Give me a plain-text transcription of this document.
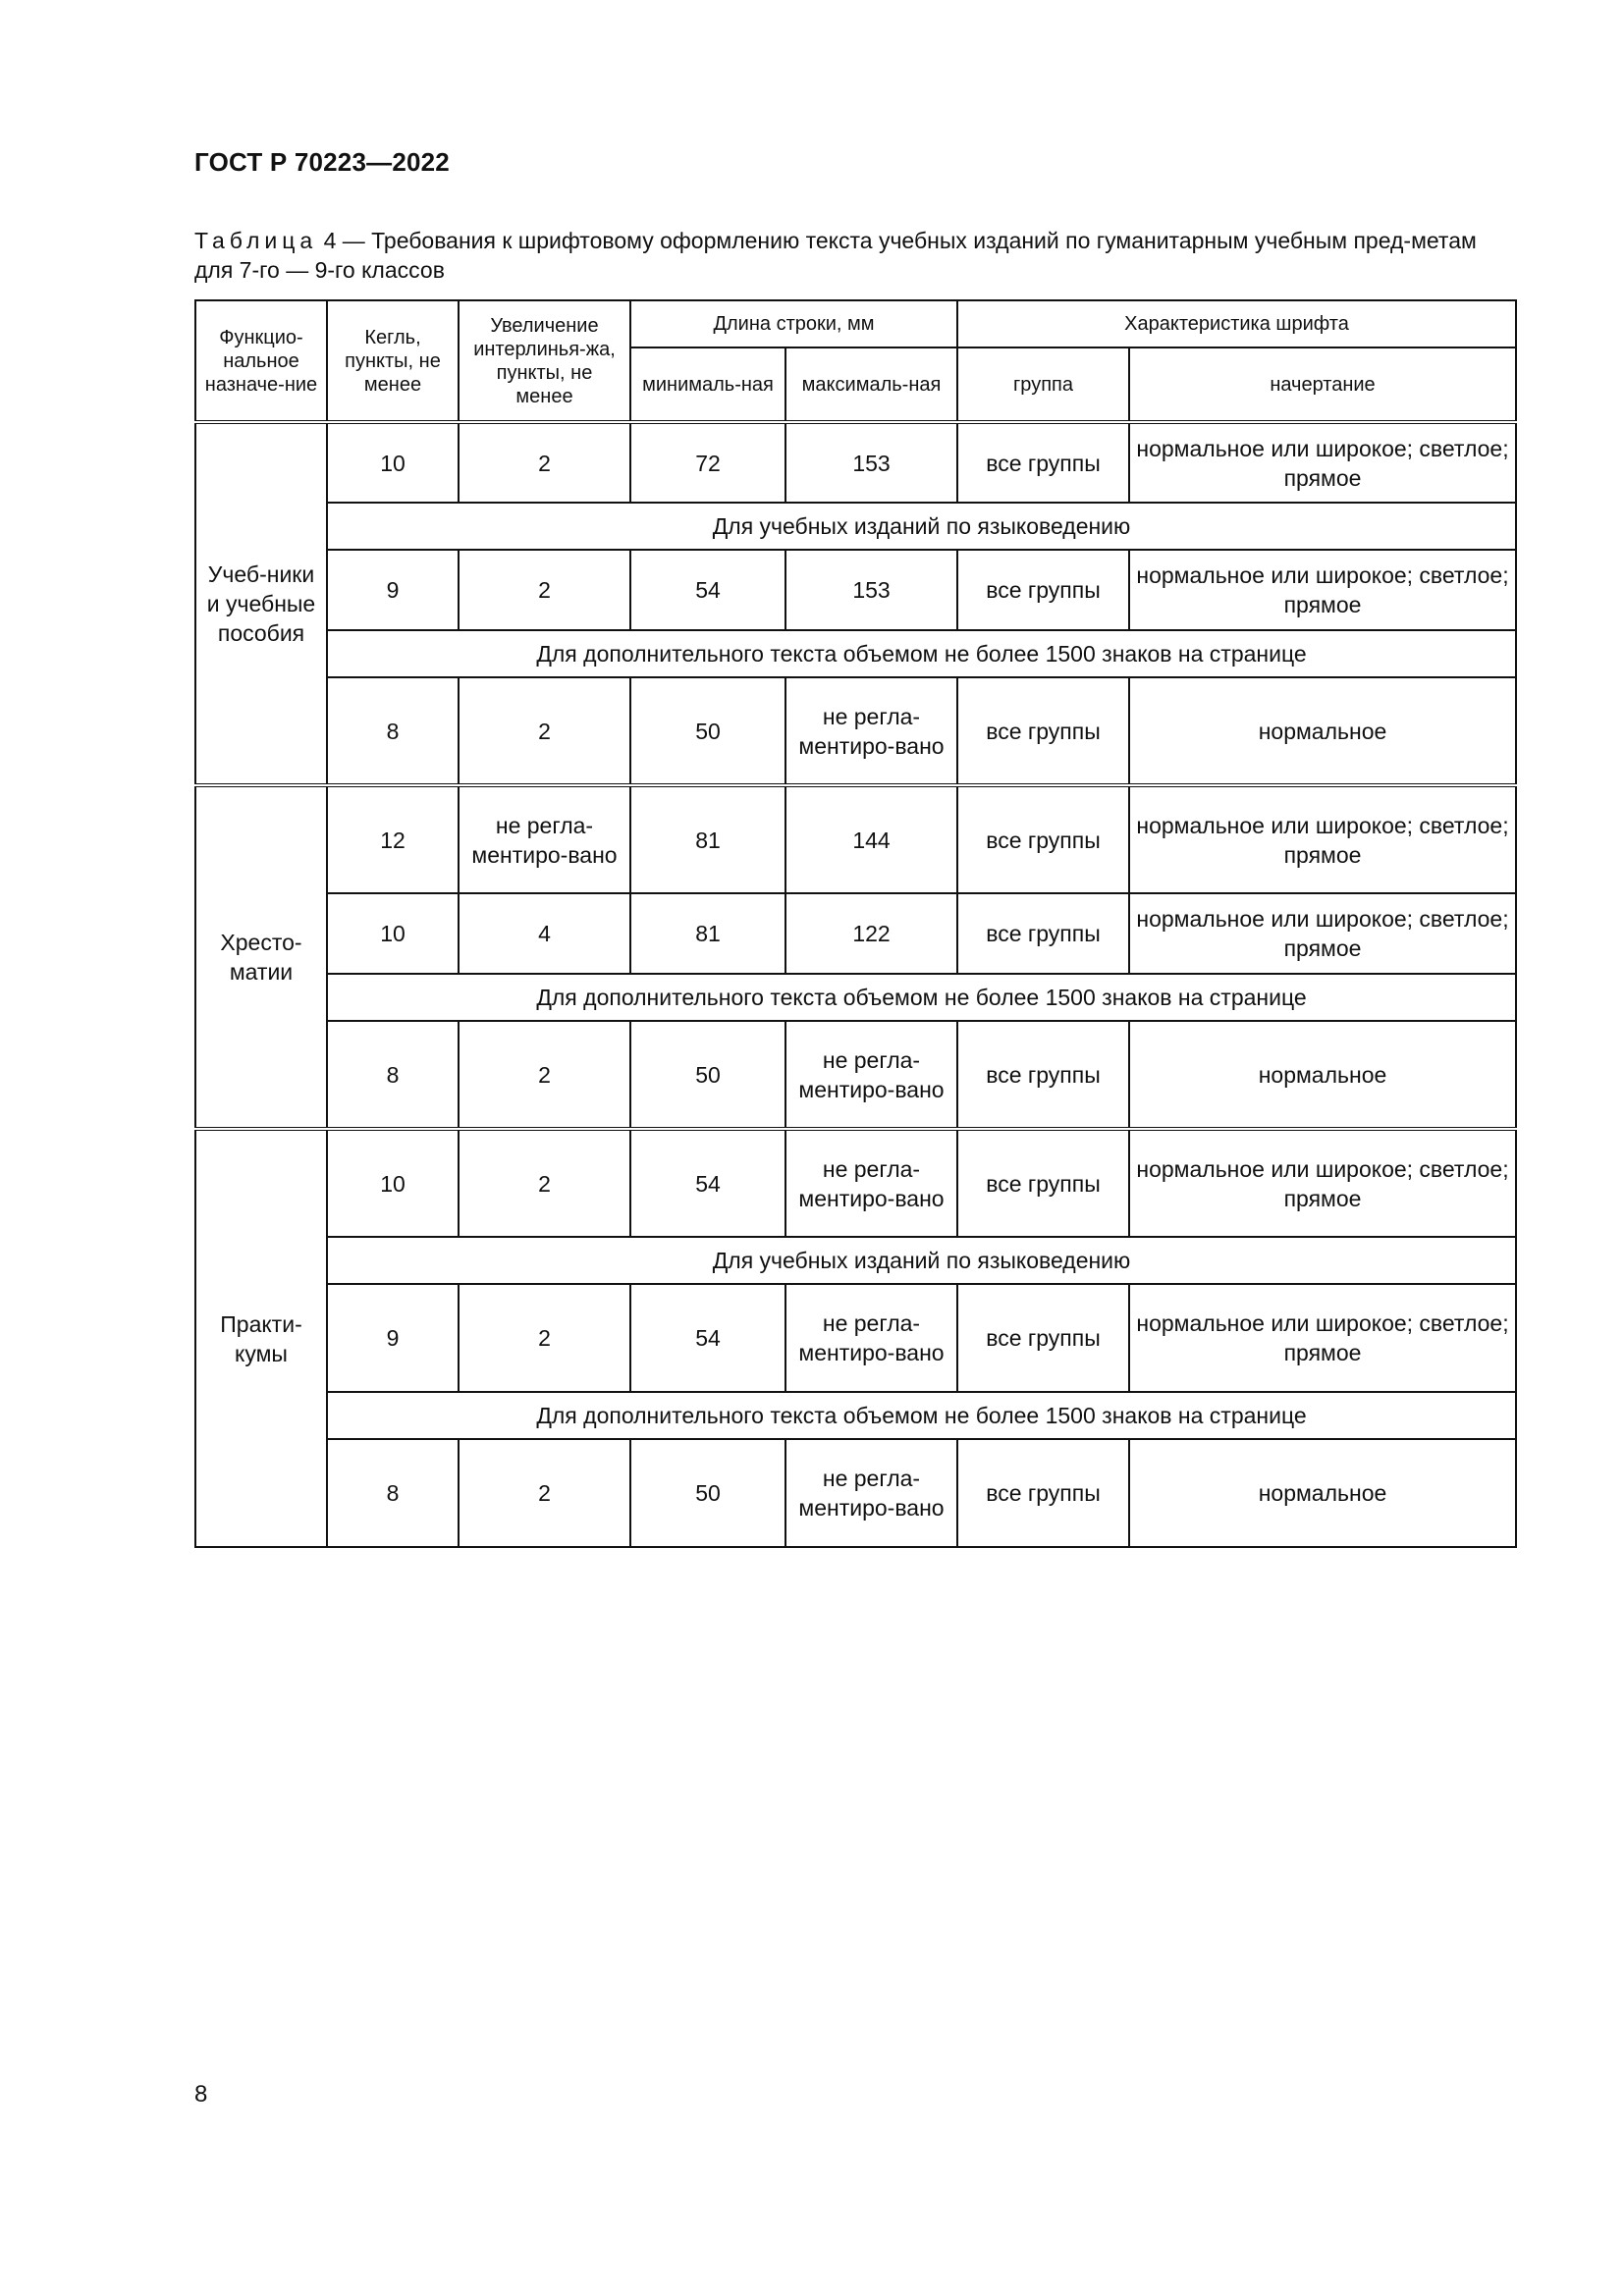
ГОСТ Р 70223—2022
Таблица 4 — Требования к шрифтовому оформлению текста учебных изданий по гуманитарным учебным пред-метам для 7-го — 9-го классов
Функцио-нальное назначе-ние	Кегль, пункты, не менее	Увеличение интерлинья-жа, пункты, не менее	Длина строки, мм		Характеристика шрифта	
			минималь-ная	максималь-ная	группа	начертание
Учеб-ники и учебные пособия	10	2	72	153	все группы	нормальное или широкое; светлое; прямое
	Для учебных изданий по языковедению					
	9	2	54	153	все группы	нормальное или широкое; светлое; прямое
	Для дополнительного текста объемом не более 1500 знаков на странице					
	8	2	50	не регла-ментиро-вано	все группы	нормальное
Хресто-матии	12	не регла-ментиро-вано	81	144	все группы	нормальное или широкое; светлое; прямое
	10	4	81	122	все группы	нормальное или широкое; светлое; прямое
	Для дополнительного текста объемом не более 1500 знаков на странице					
	8	2	50	не регла-ментиро-вано	все группы	нормальное
Практи-кумы	10	2	54	не регла-ментиро-вано	все группы	нормальное или широкое; светлое; прямое
	Для учебных изданий по языковедению					
	9	2	54	не регла-ментиро-вано	все группы	нормальное или широкое; светлое; прямое
	Для дополнительного текста объемом не более 1500 знаков на странице					
	8	2	50	не регла-ментиро-вано	все группы	нормальное
8
